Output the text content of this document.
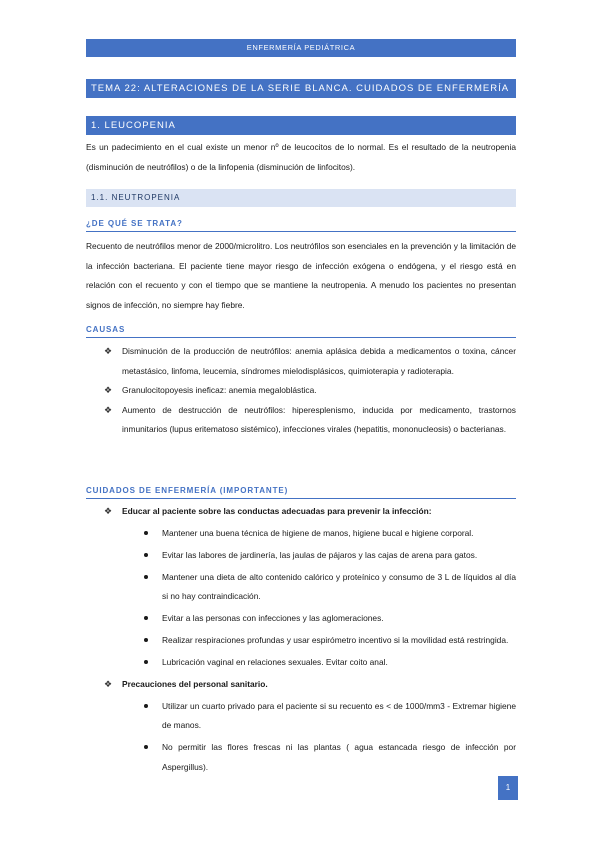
ENFERMERÍA PEDIÁTRICA
TEMA 22: ALTERACIONES DE LA SERIE BLANCA. CUIDADOS DE ENFERMERÍA
1. LEUCOPENIA

Es un padecimiento en el cual existe un menor nº de leucocitos de lo normal. Es el resultado de la neutropenia (disminución de neutrófilos) o de la linfopenia (disminución de linfocitos).

1.1. NEUTROPENIA
¿DE QUÉ SE TRATA?

Recuento de neutrófilos menor de 2000/microlitro. Los neutrófilos son esenciales en la prevención y la limitación de la infección bacteriana. El paciente tiene mayor riesgo de infección exógena o endógena, y el riesgo está en relación con el recuento y con el tiempo que se mantiene la neutropenia. A menudo los pacientes no presentan signos de infección, no siempre hay fiebre.

CAUSAS
❖ Disminución de la producción de neutrófilos: anemia aplásica debida a medicamentos o toxina, cáncer metastásico, linfoma, leucemia, síndromes mielodisplásicos, quimioterapia y radioterapia.
❖ Granulocitopoyesis ineficaz: anemia megaloblástica.
❖ Aumento de destrucción de neutrófilos: hiperesplenismo, inducida por medicamento, trastornos inmunitarios (lupus eritematoso sistémico), infecciones virales (hepatitis, mononucleosis) o bacterianas.
CUIDADOS DE ENFERMERÍA (IMPORTANTE)
❖ Educar al paciente sobre las conductas adecuadas para prevenir la infección:
Mantener una buena técnica de higiene de manos, higiene bucal e higiene corporal.
Evitar las labores de jardinería, las jaulas de pájaros y las cajas de arena para gatos.
Mantener una dieta de alto contenido calórico y proteínico y consumo de 3 L de líquidos al día si no hay contraindicación.
Evitar a las personas con infecciones y las aglomeraciones.
Realizar respiraciones profundas y usar espirómetro incentivo si la movilidad está restringida.
Lubricación vaginal en relaciones sexuales. Evitar coito anal.
❖ Precauciones del personal sanitario.
Utilizar un cuarto privado para el paciente si su recuento es < de 1000/mm3 - Extremar higiene de manos.
No permitir las flores frescas ni las plantas ( agua estancada riesgo de infección por Aspergillus).
1
